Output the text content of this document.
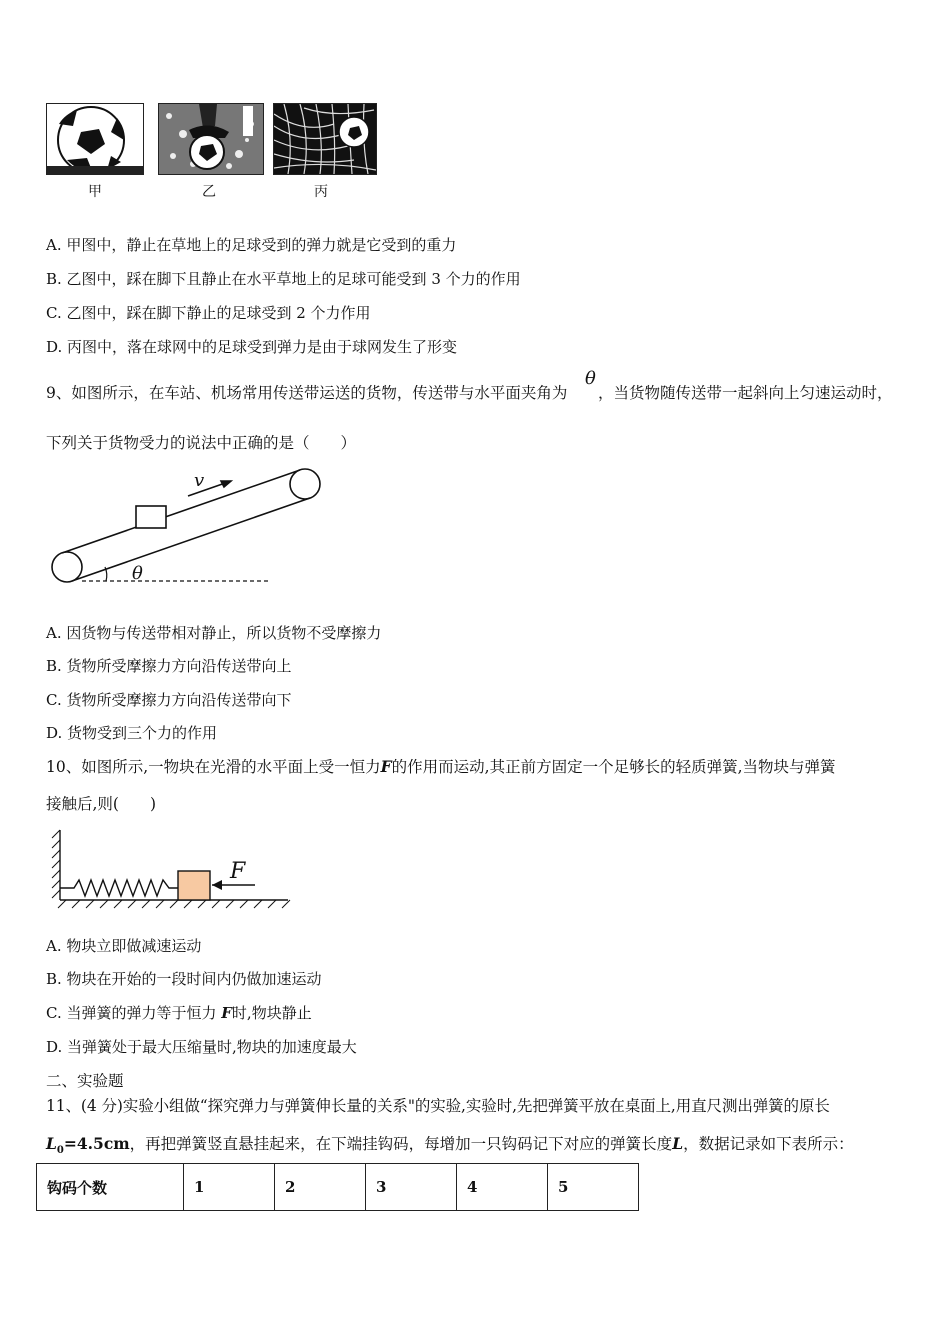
甲	乙	丙
A. 甲图中，静止在草地上的足球受到的弹力就是它受到的重力
B. 乙图中，踩在脚下且静止在水平草地上的足球可能受到 3 个力的作用
C. 乙图中，踩在脚下静止的足球受到 2 个力作用
D. 丙图中，落在球网中的足球受到弹力是由于球网发生了形变
9、如图所示，在车站、机场常用传送带运送的货物，传送带与水平面夹角为
θ
，当货物随传送带一起斜向上匀速运动时，
下列关于货物受力的说法中正确的是（　　）
v
θ
A. 因货物与传送带相对静止，所以货物不受摩擦力
B. 货物所受摩擦力方向沿传送带向上
C. 货物所受摩擦力方向沿传送带向下
D. 货物受到三个力的作用
10、如图所示,一物块在光滑的水平面上受一恒力F的作用而运动,其正前方固定一个足够长的轻质弹簧,当物块与弹簧
接触后,则(　　)
F
A. 物块立即做减速运动
B. 物块在开始的一段时间内仍做加速运动
C. 当弹簧的弹力等于恒力 F时,物块静止
D. 当弹簧处于最大压缩量时,物块的加速度最大
二、实验题
11、(4 分)实验小组做“探究弹力与弹簧伸长量的关系"的实验,实验时,先把弹簧平放在桌面上,用直尺测出弹簧的原长
$L_0=4.5cm$，再把弹簧竖直悬挂起来，在下端挂钩码，每增加一只钩码记下对应的弹簧长度L，数据记录如下表所示：
钩码个数	1	2	3	4	5
